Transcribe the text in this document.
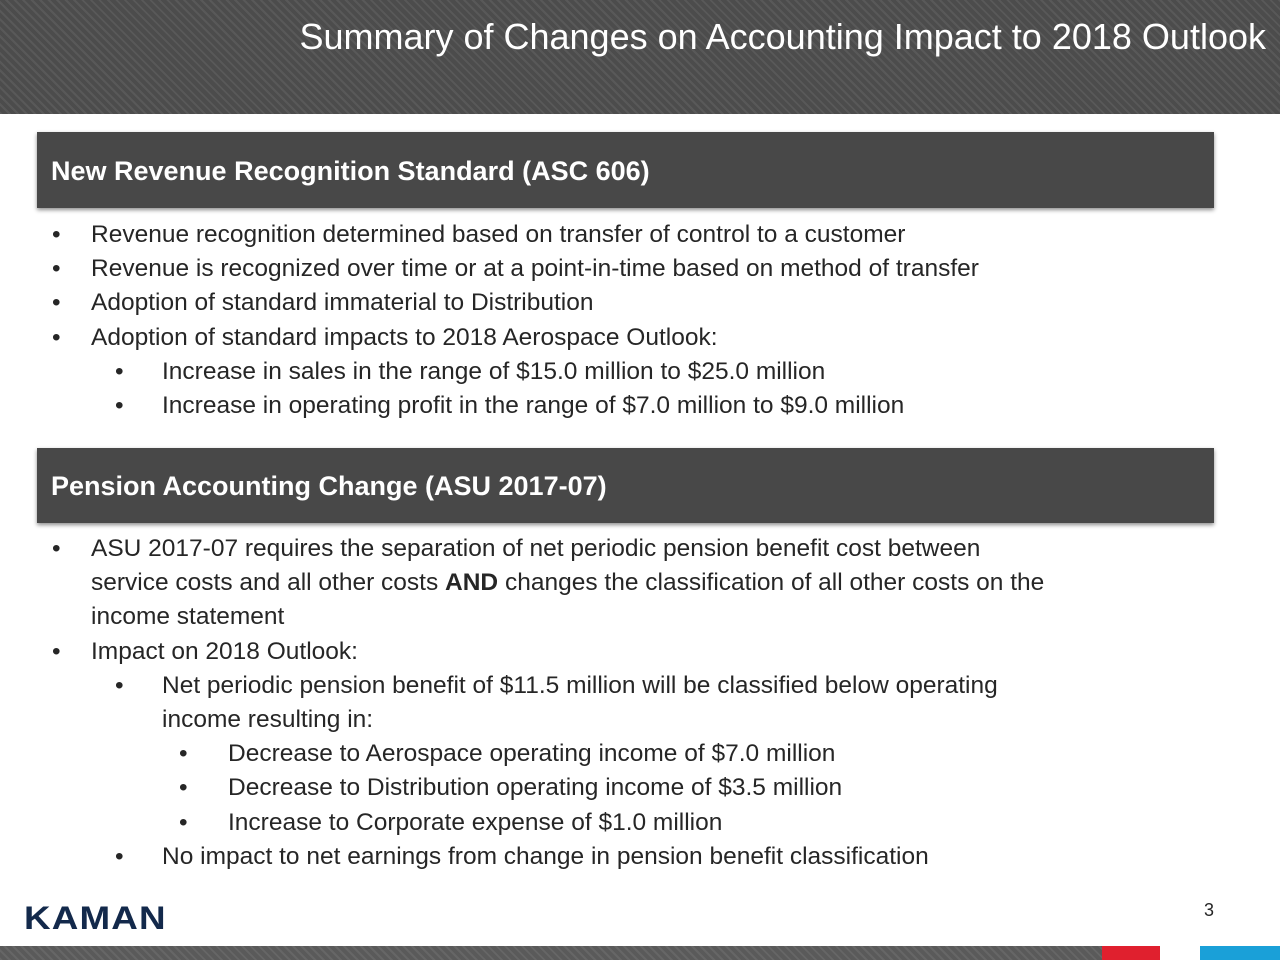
Summary of Changes on Accounting Impact to 2018 Outlook
New Revenue Recognition Standard (ASC 606)
• Revenue recognition determined based on transfer of control to a customer
• Revenue is recognized over time or at a point-in-time based on method of transfer
• Adoption of standard immaterial to Distribution
• Adoption of standard impacts to 2018 Aerospace Outlook:
• Increase in sales in the range of $15.0 million to $25.0 million
• Increase in operating profit in the range of $7.0 million to $9.0 million
Pension Accounting Change (ASU 2017-07)
• ASU 2017-07 requires the separation of net periodic pension benefit cost between
service costs and all other costs AND changes the classification of all other costs on the
income statement
• Impact on 2018 Outlook:
• Net periodic pension benefit of $11.5 million will be classified below operating
income resulting in:
• Decrease to Aerospace operating income of $7.0 million
• Decrease to Distribution operating income of $3.5 million
• Increase to Corporate expense of $1.0 million
• No impact to net earnings from change in pension benefit classification
KAMAN	3
